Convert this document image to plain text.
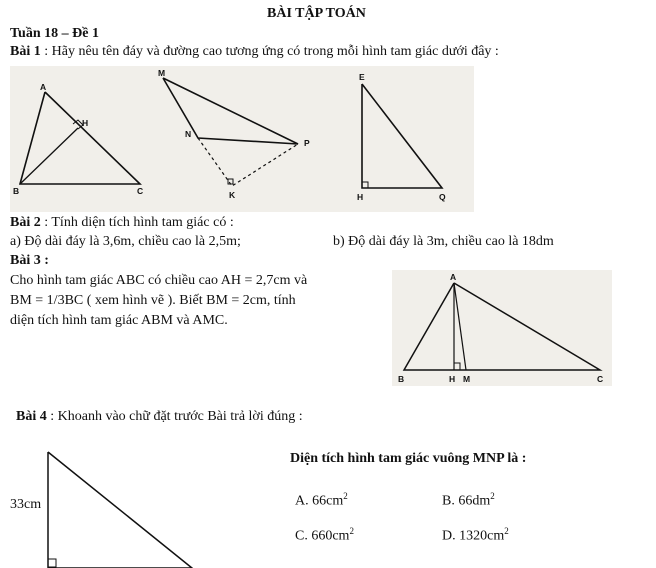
BÀI TẬP TOÁN
Tuần 18 – Đề 1
Bài 1 : Hãy nêu tên đáy và đường cao tương ứng có trong mỗi hình tam giác dưới đây :
A
H
B	C
M
N
P
K
E
H	Q
Bài 2 : Tính diện tích hình tam giác có :
a) Độ dài đáy là 3,6m, chiều cao là 2,5m;	b) Độ dài đáy là 3m, chiều cao là 18dm
Bài 3 :
Cho hình tam giác ABC có chiều cao AH = 2,7cm và
BM = 1/3BC ( xem hình vẽ ). Biết BM = 2cm, tính
diện tích hình tam giác ABM và AMC.
A
B	H M	C
Bài 4 : Khoanh vào chữ đặt trước Bài trả lời đúng :
33cm
Diện tích hình tam giác vuông MNP là :
A. $66cm^2$	B. $66dm^2$
C. $660cm^2$	D. $1320cm^2$
